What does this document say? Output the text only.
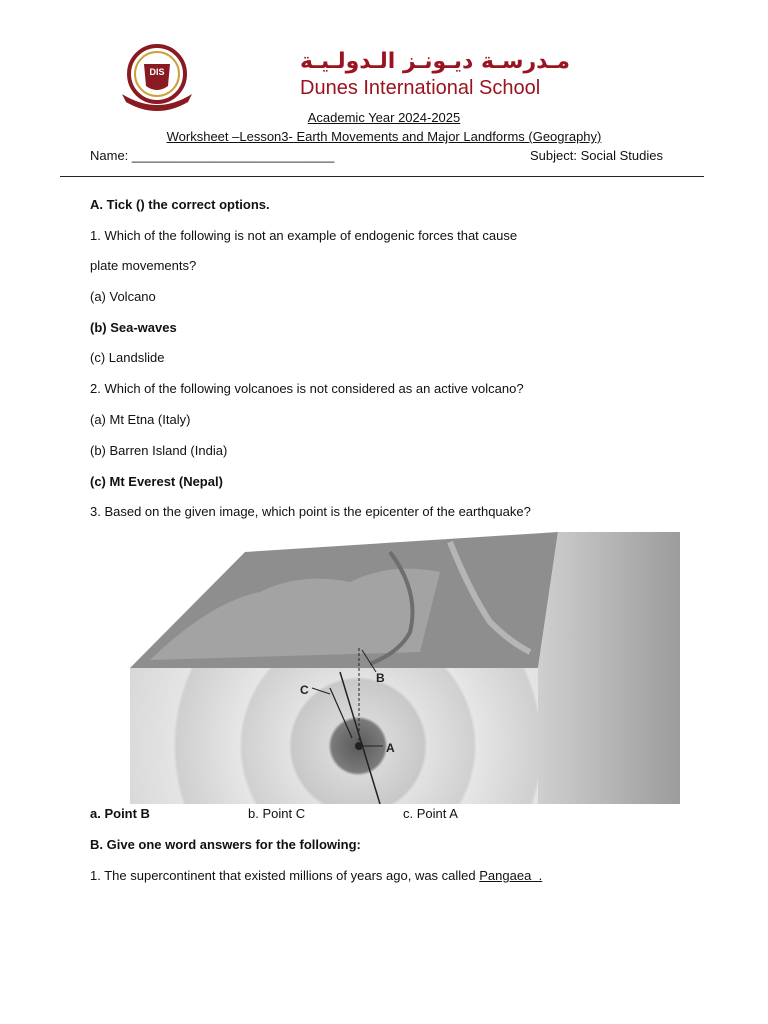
DIS	مـدرسـة ديـونـز الـدولـيـة
Dunes International School
Academic Year 2024-2025
Worksheet –Lesson3- Earth Movements and Major Landforms (Geography)
Name: ____________________________	Subject: Social Studies
A. Tick () the correct options.
1. Which of the following is not an example of endogenic forces that cause
plate movements?
(a) Volcano
(b) Sea-waves
(c) Landslide
2. Which of the following volcanoes is not considered as an active volcano?
(a) Mt Etna (Italy)
(b) Barren Island (India)
(c) Mt Everest (Nepal)
3. Based on the given image, which point is the epicenter of the earthquake?
A
B
C
a. Point B	b. Point C	c. Point A
B. Give one word answers for the following:
1. The supercontinent that existed millions of years ago, was called Pangaea .
